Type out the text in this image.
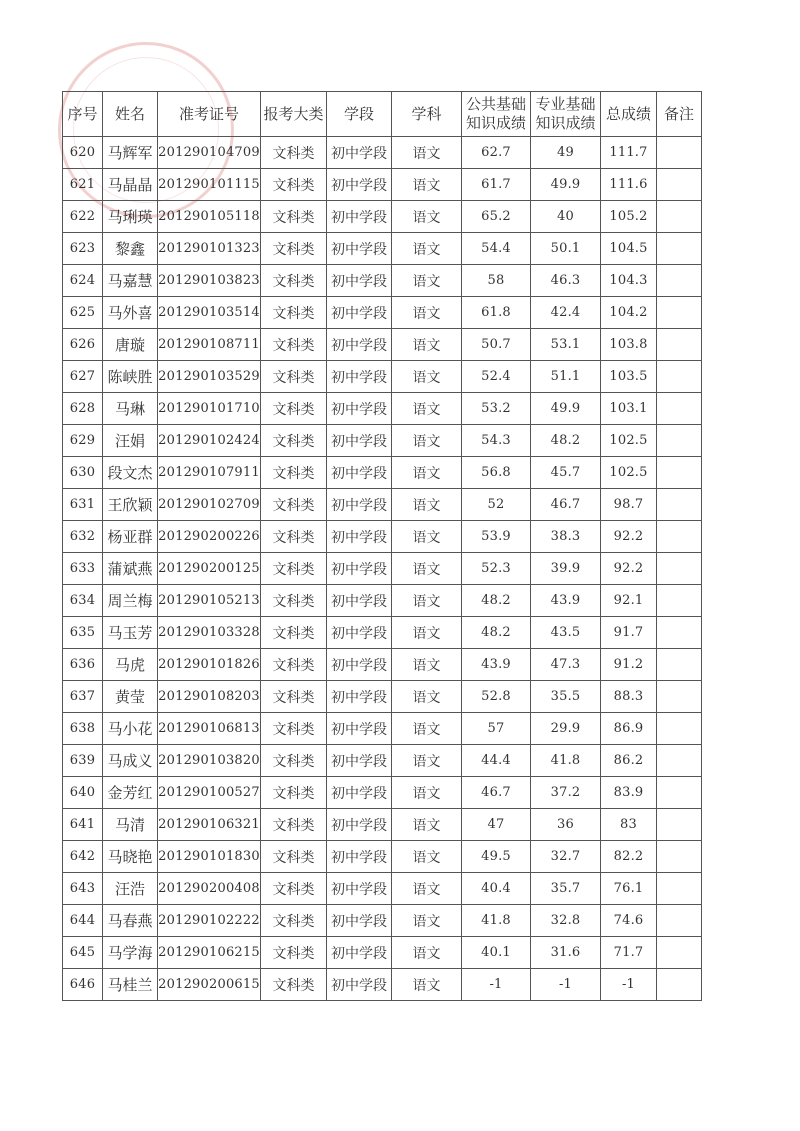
序号	姓名	准考证号	报考大类	学段	学科	公共基础知识成绩	专业基础知识成绩	总成绩	备注
620	马辉军	201290104709	文科类	初中学段	语文	62.7	49	111.7	
621	马晶晶	201290101115	文科类	初中学段	语文	61.7	49.9	111.6	
622	马琍瑛	201290105118	文科类	初中学段	语文	65.2	40	105.2	
623	黎鑫	201290101323	文科类	初中学段	语文	54.4	50.1	104.5	
624	马嘉慧	201290103823	文科类	初中学段	语文	58	46.3	104.3	
625	马外喜	201290103514	文科类	初中学段	语文	61.8	42.4	104.2	
626	唐璇	201290108711	文科类	初中学段	语文	50.7	53.1	103.8	
627	陈峡胜	201290103529	文科类	初中学段	语文	52.4	51.1	103.5	
628	马琳	201290101710	文科类	初中学段	语文	53.2	49.9	103.1	
629	汪娟	201290102424	文科类	初中学段	语文	54.3	48.2	102.5	
630	段文杰	201290107911	文科类	初中学段	语文	56.8	45.7	102.5	
631	王欣颖	201290102709	文科类	初中学段	语文	52	46.7	98.7	
632	杨亚群	201290200226	文科类	初中学段	语文	53.9	38.3	92.2	
633	蒲斌燕	201290200125	文科类	初中学段	语文	52.3	39.9	92.2	
634	周兰梅	201290105213	文科类	初中学段	语文	48.2	43.9	92.1	
635	马玉芳	201290103328	文科类	初中学段	语文	48.2	43.5	91.7	
636	马虎	201290101826	文科类	初中学段	语文	43.9	47.3	91.2	
637	黄莹	201290108203	文科类	初中学段	语文	52.8	35.5	88.3	
638	马小花	201290106813	文科类	初中学段	语文	57	29.9	86.9	
639	马成义	201290103820	文科类	初中学段	语文	44.4	41.8	86.2	
640	金芳红	201290100527	文科类	初中学段	语文	46.7	37.2	83.9	
641	马清	201290106321	文科类	初中学段	语文	47	36	83	
642	马晓艳	201290101830	文科类	初中学段	语文	49.5	32.7	82.2	
643	汪浩	201290200408	文科类	初中学段	语文	40.4	35.7	76.1	
644	马春燕	201290102222	文科类	初中学段	语文	41.8	32.8	74.6	
645	马学海	201290106215	文科类	初中学段	语文	40.1	31.6	71.7	
646	马桂兰	201290200615	文科类	初中学段	语文	-1	-1	-1	
